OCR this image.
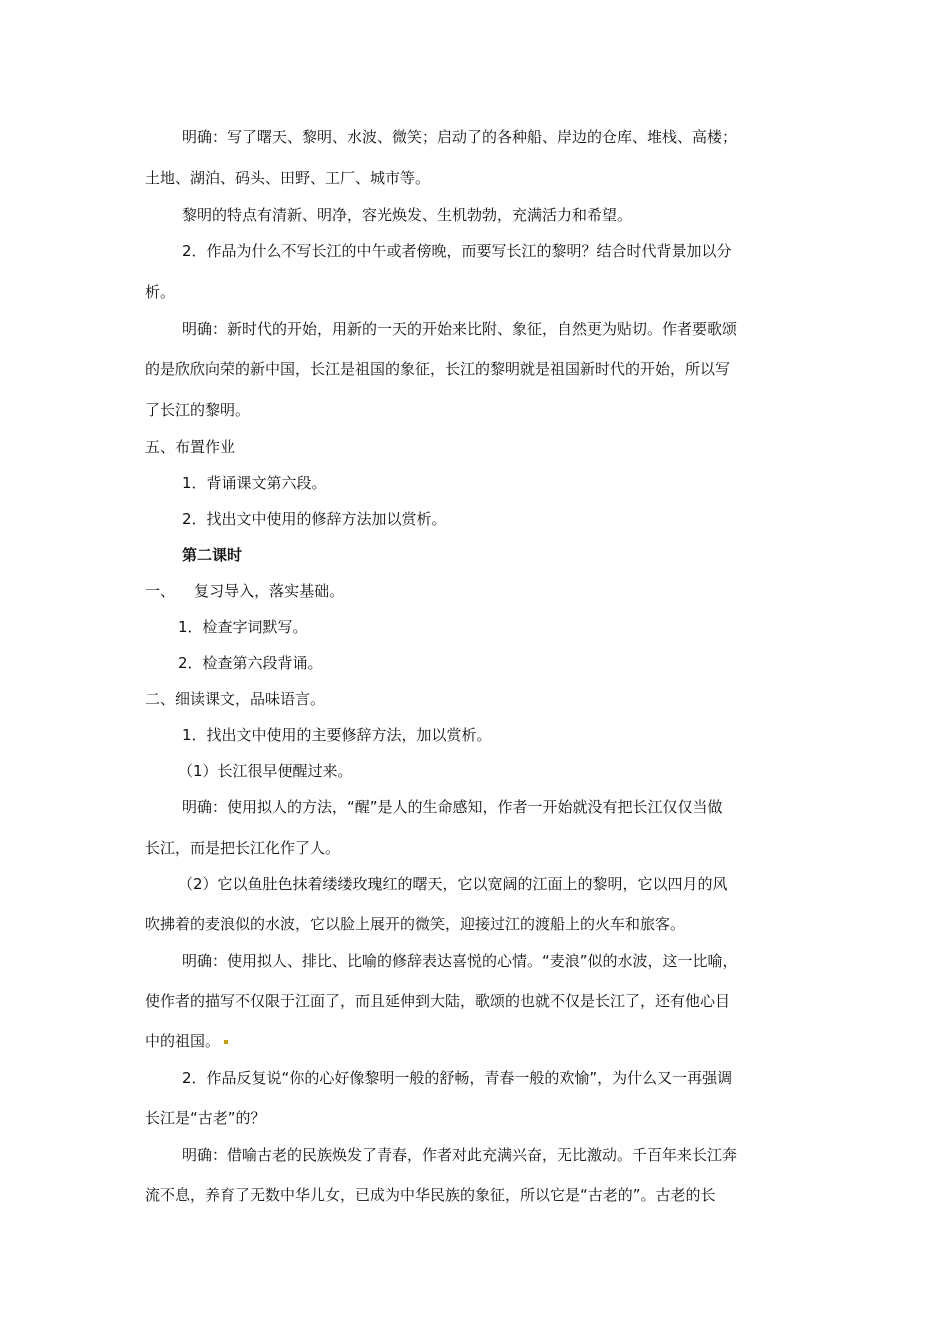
明确：写了曙天、黎明、水波、微笑；启动了的各种船、岸边的仓库、堆栈、高楼；
土地、湖泊、码头、田野、工厂、城市等。
黎明的特点有清新、明净，容光焕发、生机勃勃，充满活力和希望。
2．作品为什么不写长江的中午或者傍晚，而要写长江的黎明？结合时代背景加以分
析。
明确：新时代的开始，用新的一天的开始来比附、象征，自然更为贴切。作者要歌颂
的是欣欣向荣的新中国，长江是祖国的象征，长江的黎明就是祖国新时代的开始，所以写
了长江的黎明。
五、布置作业
1．背诵课文第六段。
2．找出文中使用的修辞方法加以赏析。
第二课时
一、    复习导入，落实基础。
1．检查字词默写。
2．检查第六段背诵。
二、细读课文，品味语言。
1．找出文中使用的主要修辞方法，加以赏析。
（1）长江很早便醒过来。
明确：使用拟人的方法，“醒”是人的生命感知，作者一开始就没有把长江仅仅当做
长江，而是把长江化作了人。
（2）它以鱼肚色抹着缕缕玫瑰红的曙天，它以宽阔的江面上的黎明，它以四月的风
吹拂着的麦浪似的水波，它以脸上展开的微笑，迎接过江的渡船上的火车和旅客。
明确：使用拟人、排比、比喻的修辞表达喜悦的心情。“麦浪”似的水波，这一比喻，
使作者的描写不仅限于江面了，而且延伸到大陆，歌颂的也就不仅是长江了，还有他心目
中的祖国。
2．作品反复说“你的心好像黎明一般的舒畅，青春一般的欢愉”，为什么又一再强调
长江是“古老”的？
明确：借喻古老的民族焕发了青春，作者对此充满兴奋，无比激动。千百年来长江奔
流不息，养育了无数中华儿女，已成为中华民族的象征，所以它是“古老的”。古老的长
